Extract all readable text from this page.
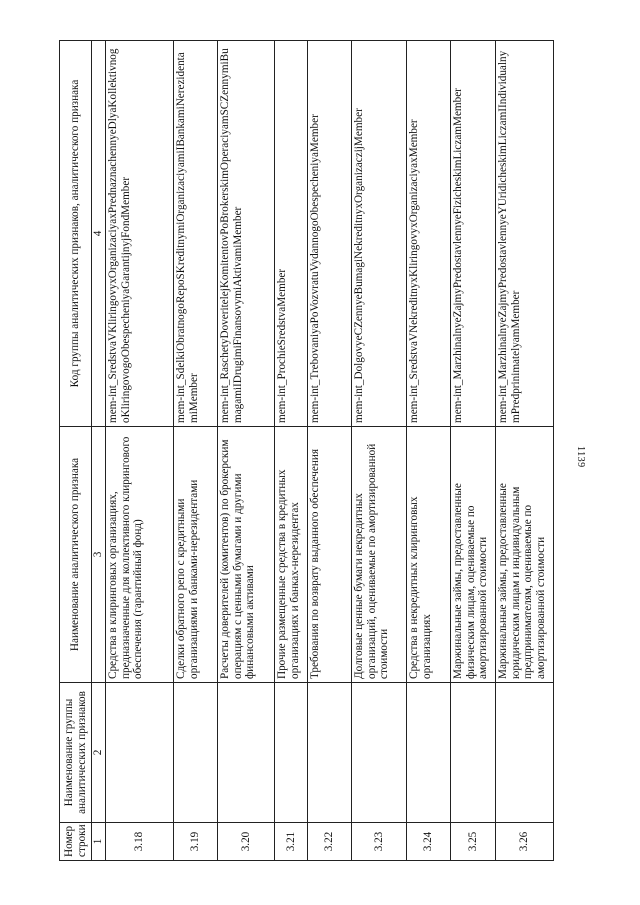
1139
Номер строки	Наименование группы аналитических признаков	Наименование аналитического признака	Код группы аналитических признаков, аналитического признака
1	2	3	4
3.18		Средства в клиринговых организациях, предназначенные для коллективного клирингового обеспечения (гарантийный фонд)	mem-int_SredstvaVKliringovyxOrganizaciyaxPrednaznachennyeDlyaKollektivnogoKliringovogoObespecheniyaGarantijnyjFondMember
3.19		Сделки обратного репо с кредитными организациями и банками-нерезидентами	mem-int_SdelkiObratnogoRepoSKreditnymiOrganizaciyamiIBankamiNerezidentamiMember
3.20		Расчеты доверителей (комитентов) по брокерским операциям с ценными бумагами и другими финансовыми активами	mem-int_RaschetyDoveritelejKomitentovPoBrokerskimOperaciyamSCZennymiBumagamiIDrugimiFinansovymiAktivamiMember
3.21		Прочие размещенные средства в кредитных организациях и банках-нерезидентах	mem-int_ProchieSredstvaMember
3.22		Требования по возврату выданного обеспечения	mem-int_TrebovaniyaPoVozvratuVydannogoObespecheniyaMember
3.23		Долговые ценные бумаги некредитных организаций, оцениваемые по амортизированной стоимости	mem-int_DolgovyeCZennyeBumagiNekreditnyxOrganizaczijMember
3.24		Средства в некредитных клиринговых организациях	mem-int_SredstvaVNekreditnyxKliringovyxOrganizaciyaxMember
3.25		Маржинальные займы, предоставленные физическим лицам, оцениваемые по амортизированной стоимости	mem-int_MarzhinalnyeZajmyPredostavlennyeFizicheskimLiczamMember
3.26		Маржинальные займы, предоставленные юридическим лицам и индивидуальным предпринимателям, оцениваемые по амортизированной стоимости	mem-int_MarzhinalnyeZajmyPredostavlennyeYUridicheskimLiczamIIndividualnymPredprinimatelyamMember
